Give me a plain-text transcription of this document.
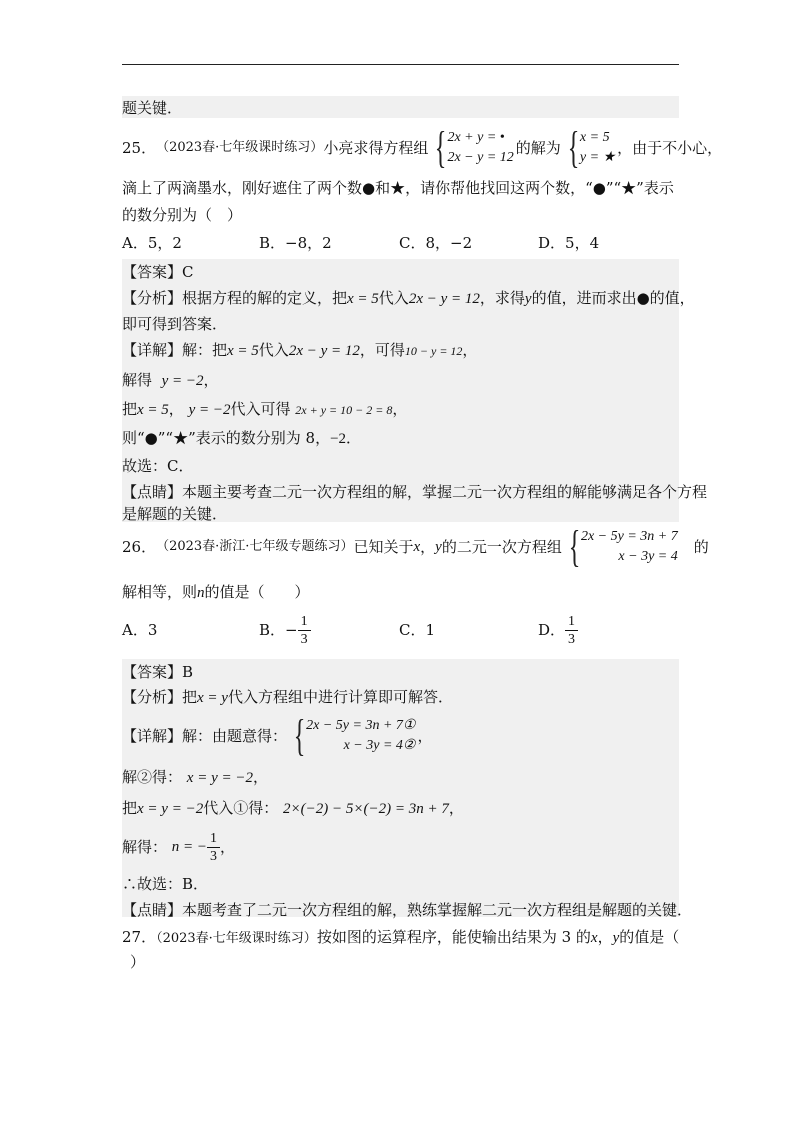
题关键．
25． （2023春·七年级课时练习） 小亮求得方程组 { 2x + y = •
2x − y = 12
的解为 { x = 5
y = ★
，由于不小心，
滴上了两滴墨水，刚好遮住了两个数●和★，请你帮他找回这两个数，“●”“★”表示
的数分别为（　）
A．5，2	B．−8，2	C．8，−2	D．5，4
【答案】C
【分析】根据方程的解的定义，把x = 5代入2x − y = 12，求得y的值，进而求出●的值，
即可得到答案．
【详解】解：把x = 5代入2x − y = 12，可得10 − y = 12，
解得 y = −2，
把x = 5， y = −2代入可得 2x + y = 10 − 2 = 8，
则“●”“★”表示的数分别为 8，−2．
故选：C．
【点睛】本题主要考查二元一次方程组的解，掌握二元一次方程组的解能够满足各个方程
是解题的关键．
26． （2023春·浙江·七年级专题练习） 已知关于 x ， y 的二元一次方程组 { 2x − 5y = 3n + 7
x − 3y = 4
的
解相等，则n的值是（　　）
A．3	B．− $\frac{1}{3}$	C．1	D． $\frac{1}{3}$
【答案】B
【分析】把x = y代入方程组中进行计算即可解答．
【详解】解：由题意得： { 2x − 5y = 3n + 7①
x − 3y = 4②
，
解②得： x = y = −2，
把x = y = −2代入①得： 2×(−2) − 5×(−2) = 3n + 7，
解得：
n = − $\frac{1}{3}$ ，
∴故选：B．
【点睛】本题考查了二元一次方程组的解，熟练掌握解二元一次方程组是解题的关键．
27．（2023春·七年级课时练习）按如图的运算程序，能使输出结果为 3 的x，y的值是（
）
